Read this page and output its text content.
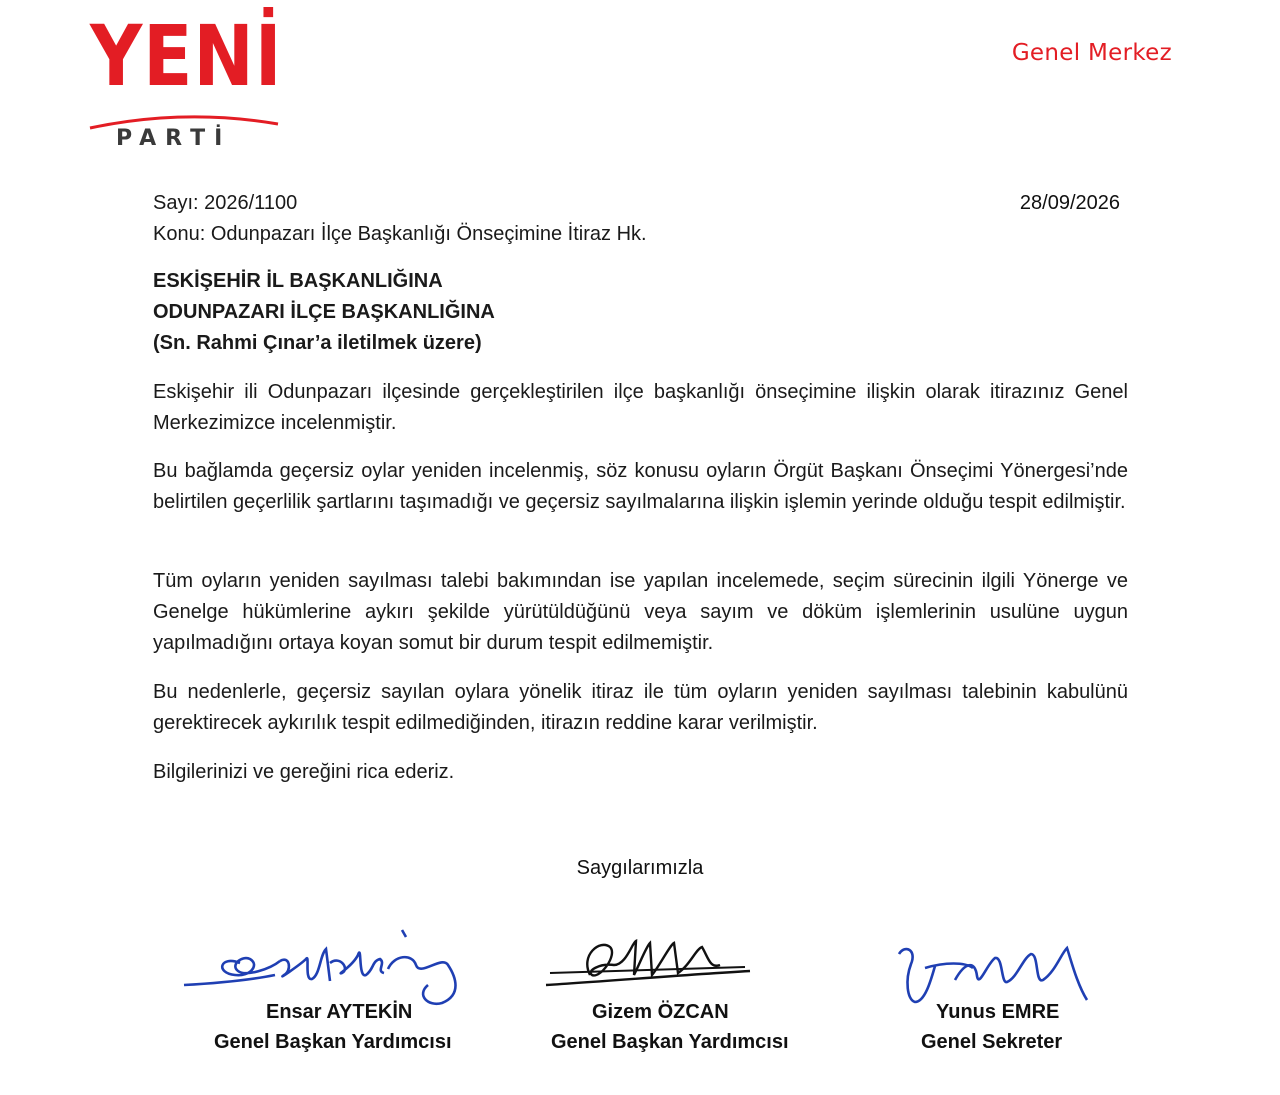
YENİ
PARTİ
Genel Merkez
Sayı: 2026/1100	28/09/2026
Konu: Odunpazarı İlçe Başkanlığı Önseçimine İtiraz Hk.
ESKİŞEHİR İL BAŞKANLIĞINA
ODUNPAZARI İLÇE BAŞKANLIĞINA
(Sn. Rahmi Çınar’a iletilmek üzere)
Eskişehir ili Odunpazarı ilçesinde gerçekleştirilen ilçe başkanlığı önseçimine ilişkin olarak itirazınız Genel Merkezimizce incelenmiştir.
Bu bağlamda geçersiz oylar yeniden incelenmiş, söz konusu oyların Örgüt Başkanı Önseçimi Yönergesi’nde belirtilen geçerlilik şartlarını taşımadığı ve geçersiz sayılmalarına ilişkin işlemin yerinde olduğu tespit edilmiştir.
Tüm oyların yeniden sayılması talebi bakımından ise yapılan incelemede, seçim sürecinin ilgili Yönerge ve Genelge hükümlerine aykırı şekilde yürütüldüğünü veya sayım ve döküm işlemlerinin usulüne uygun yapılmadığını ortaya koyan somut bir durum tespit edilmemiştir.
Bu nedenlerle, geçersiz sayılan oylara yönelik itiraz ile tüm oyların yeniden sayılması talebinin kabulünü gerektirecek aykırılık tespit edilmediğinden, itirazın reddine karar verilmiştir.
Bilgilerinizi ve gereğini rica ederiz.
Saygılarımızla
Ensar AYTEKİN
Genel Başkan Yardımcısı
Gizem ÖZCAN
Genel Başkan Yardımcısı
Yunus EMRE
Genel Sekreter
